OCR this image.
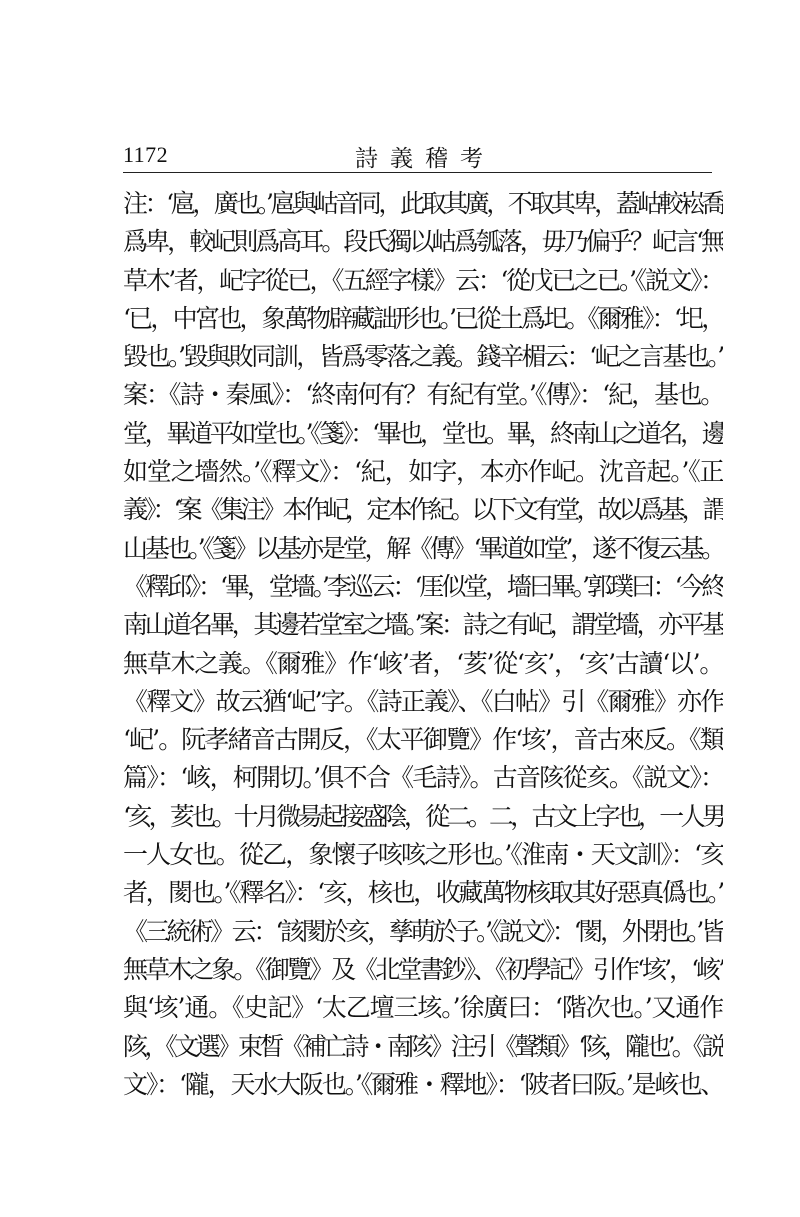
1172	詩義稽考
注：‘扈，廣也。’扈與岵音同，此取其廣，不取其卑，蓋岵較崧喬
爲卑，較屺則爲高耳。段氏獨以岵爲瓠落，毋乃偏乎？屺言‘無
草木’者，屺字從已，《五經字樣》云：‘從戊已之已。’《説文》：
‘已，中宮也，象萬物辟藏詘形也。’已從土爲圯。《爾雅》：‘圯，
毀也。’毀與敗同訓，皆爲零落之義。錢辛楣云：‘屺之言基也。’
案：《詩・秦風》：‘終南何有？有紀有堂。’《傳》：‘紀，基也。
堂，畢道平如堂也。’《箋》：‘畢也，堂也。畢，終南山之道名，邊
如堂之墻然。’《釋文》：‘紀，如字，本亦作屺。沈音起。’《正
義》：‘案《集注》本作屺，定本作紀。以下文有堂，故以爲基，謂
山基也。’《箋》以基亦是堂，解《傳》‘畢道如堂’，遂不復云基。
《釋邱》：‘畢，堂墻。’李巡云：‘厓似堂，墻曰畢。’郭璞曰：‘今終
南山道名畢，其邊若堂室之墻。’案：詩之有屺，謂堂墻，亦平基
無草木之義。《爾雅》作‘峐’者，‘荄’從‘亥’，‘亥’古讀‘以’。
《釋文》故云猶‘屺’字。《詩正義》、《白帖》引《爾雅》亦作
‘屺’。阮孝緒音古開反，《太平御覽》作‘垓’，音古來反。《類
篇》：‘峐，柯開切。’俱不合《毛詩》。古音陔從亥。《説文》：
‘亥，荄也。十月微昜起接盛陰，從二。二，古文上字也，一人男
一人女也。從乙，象懷子咳咳之形也。’《淮南・天文訓》：‘亥
者，閡也。’《釋名》：‘亥，核也，收藏萬物核取其好惡真僞也。’
《三統術》云：‘該閡於亥，孳萌於子。’《説文》：‘閡，外閉也。’皆
無草木之象。《御覽》及《北堂書鈔》、《初學記》引作‘垓’，‘峐’
與‘垓’通。《史記》‘太乙壇三垓。’徐廣曰：‘階次也。’又通作
陔，《文選》束晳《補亡詩・南陔》注引《聲類》‘陔，隴也’。《説
文》：‘隴，天水大阪也。’《爾雅・釋地》：‘陂者曰阪。’是峐也、
